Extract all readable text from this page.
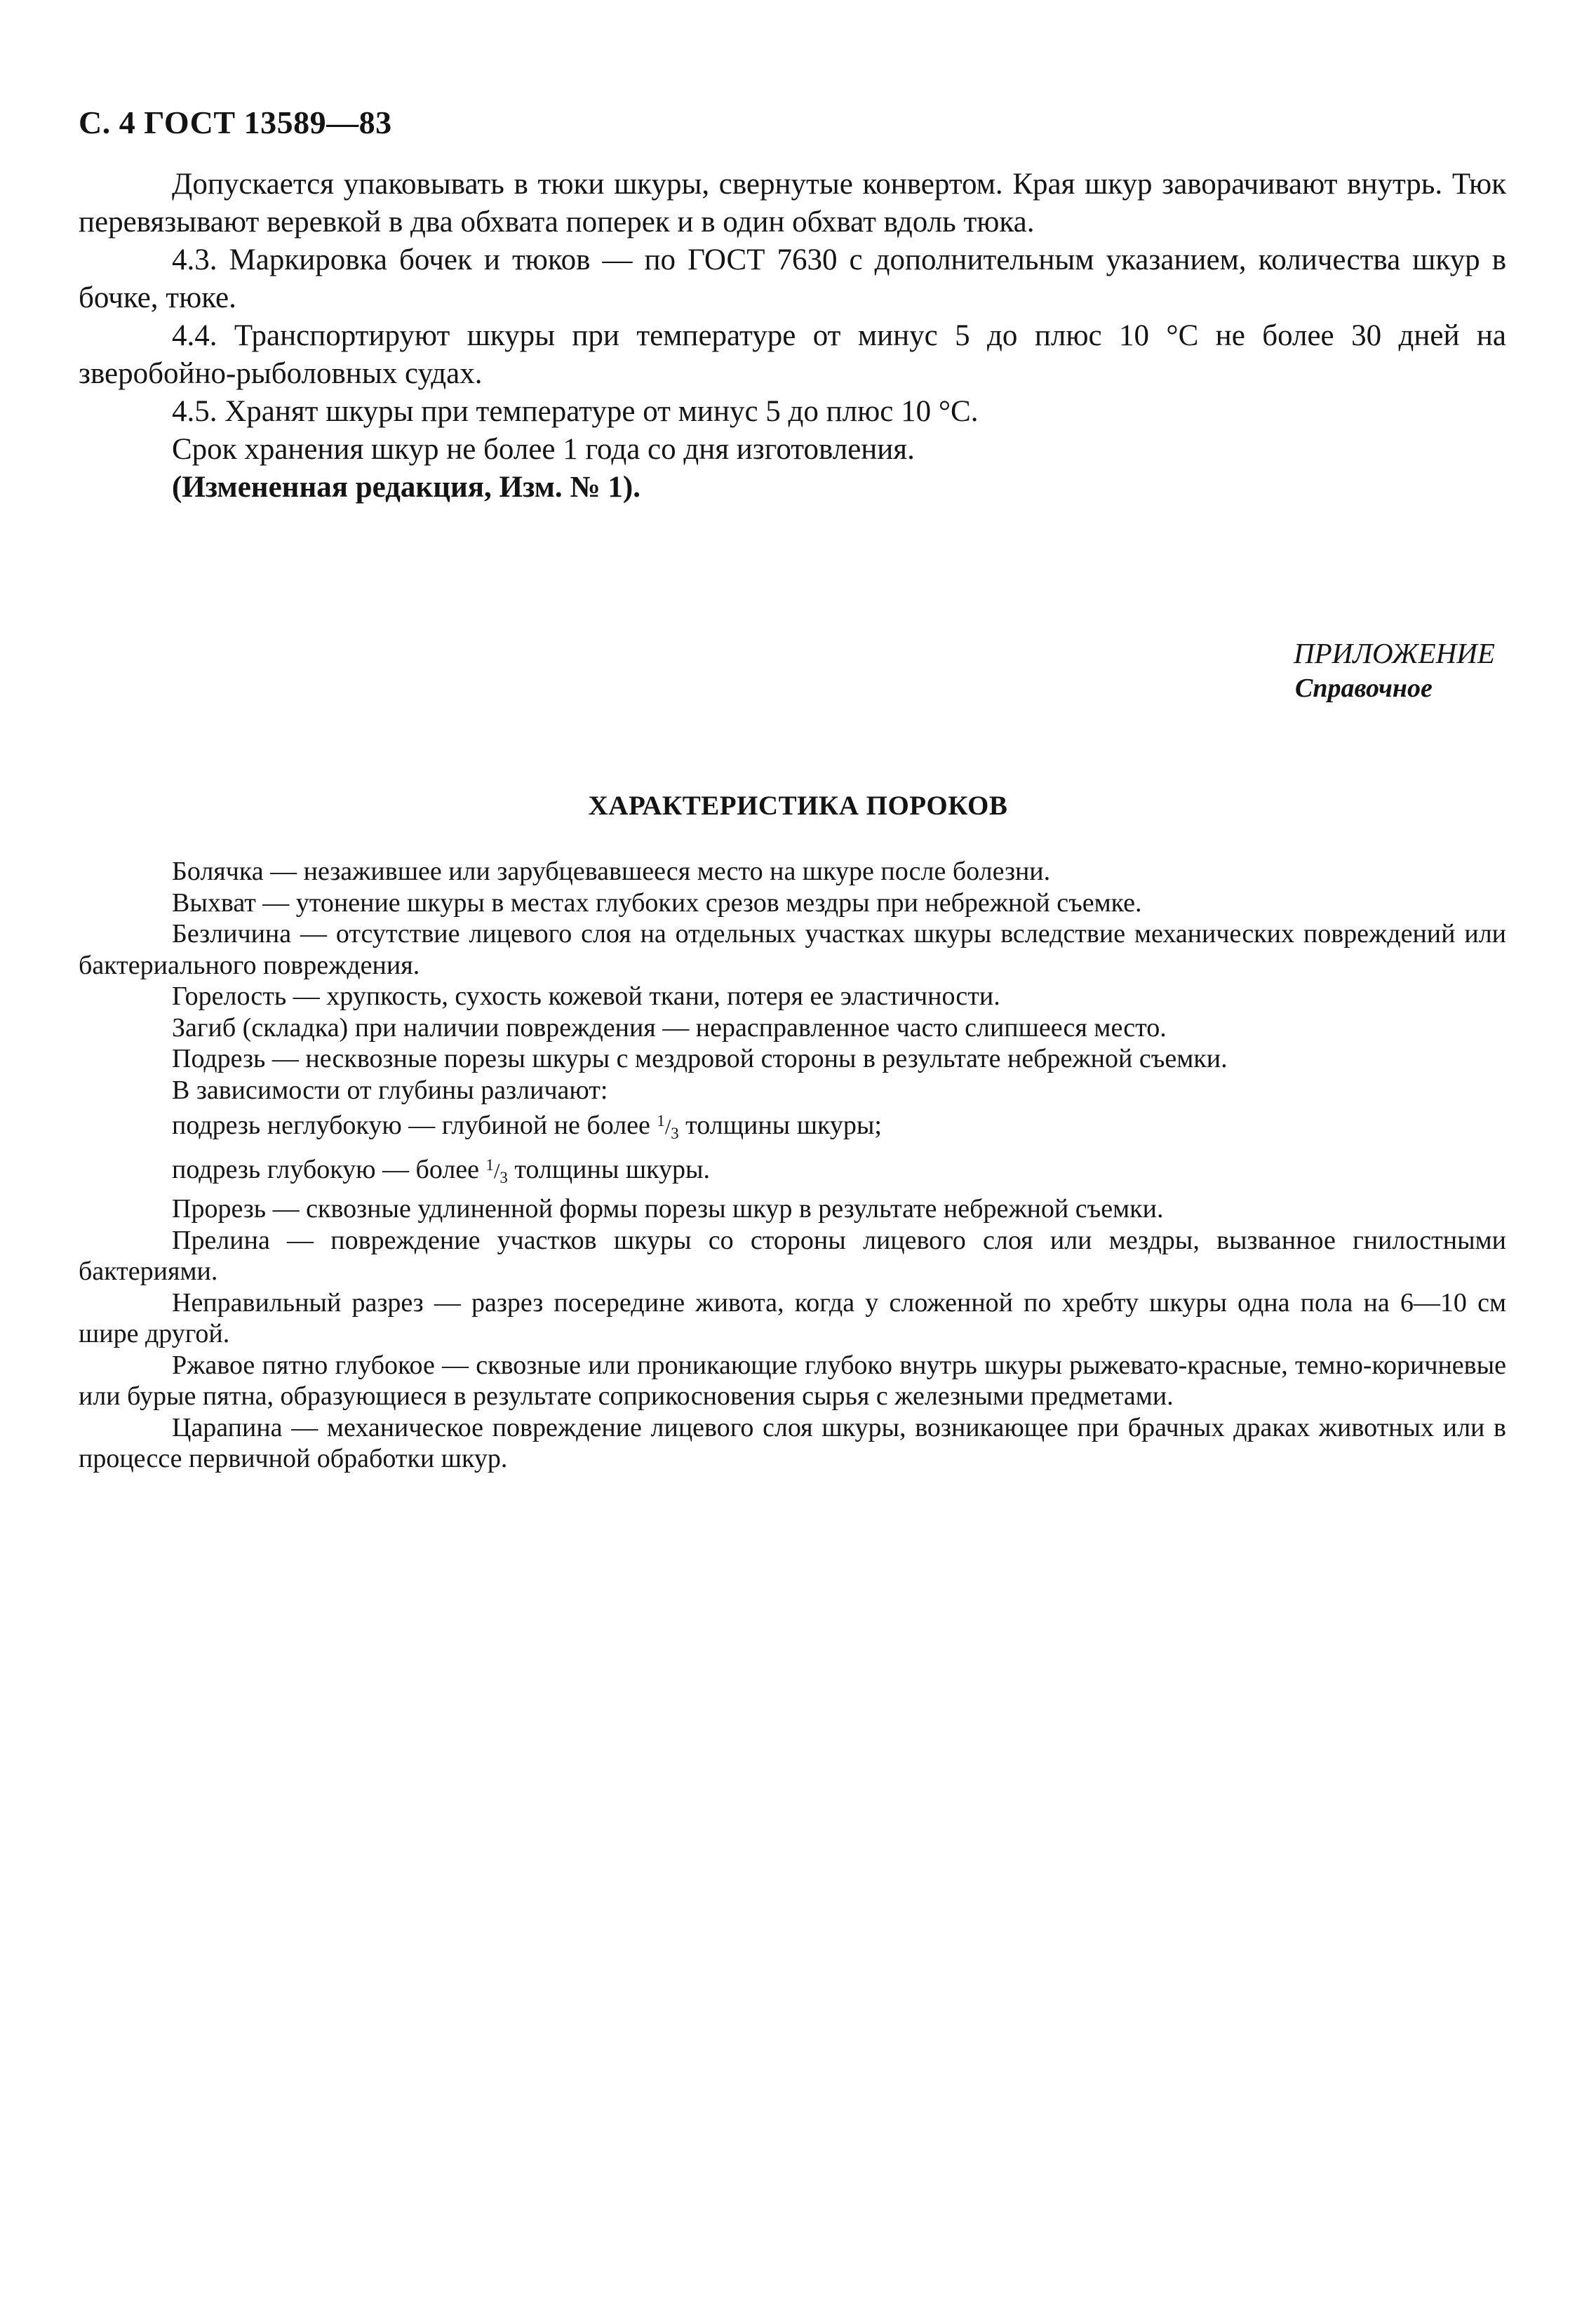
С. 4 ГОСТ 13589—83

Допускается упаковывать в тюки шкуры, свернутые конвертом. Края шкур заворачивают внутрь. Тюк перевязывают веревкой в два обхвата поперек и в один обхват вдоль тюка.

4.3. Маркировка бочек и тюков — по ГОСТ 7630 с дополнительным указанием, количества шкур в бочке, тюке.

4.4. Транспортируют шкуры при температуре от минус 5 до плюс 10 °С не более 30 дней на зверобойно-рыболовных судах.

4.5. Хранят шкуры при температуре от минус 5 до плюс 10 °С.

Срок хранения шкур не более 1 года со дня изготовления.

(Измененная редакция, Изм. № 1).

ПРИЛОЖЕНИЕ
Справочное
ХАРАКТЕРИСТИКА ПОРОКОВ

Болячка — незажившее или зарубцевавшееся место на шкуре после болезни.

Выхват — утонение шкуры в местах глубоких срезов мездры при небрежной съемке.

Безличина — отсутствие лицевого слоя на отдельных участках шкуры вследствие механических повреждений или бактериального повреждения.

Горелость — хрупкость, сухость кожевой ткани, потеря ее эластичности.

Загиб (складка) при наличии повреждения — нерасправленное часто слипшееся место.

Подрезь — несквозные порезы шкуры с мездровой стороны в результате небрежной съемки.

В зависимости от глубины различают:

подрезь неглубокую — глубиной не более $^1/_3$ толщины шкуры;

подрезь глубокую — более $^1/_3$ толщины шкуры.

Прорезь — сквозные удлиненной формы порезы шкур в результате небрежной съемки.

Прелина — повреждение участков шкуры со стороны лицевого слоя или мездры, вызванное гнилостными бактериями.

Неправильный разрез — разрез посередине живота, когда у сложенной по хребту шкуры одна пола на 6—10 см шире другой.

Ржавое пятно глубокое — сквозные или проникающие глубоко внутрь шкуры рыжевато-красные, темно-коричневые или бурые пятна, образующиеся в результате соприкосновения сырья с железными предметами.

Царапина — механическое повреждение лицевого слоя шкуры, возникающее при брачных драках животных или в процессе первичной обработки шкур.
